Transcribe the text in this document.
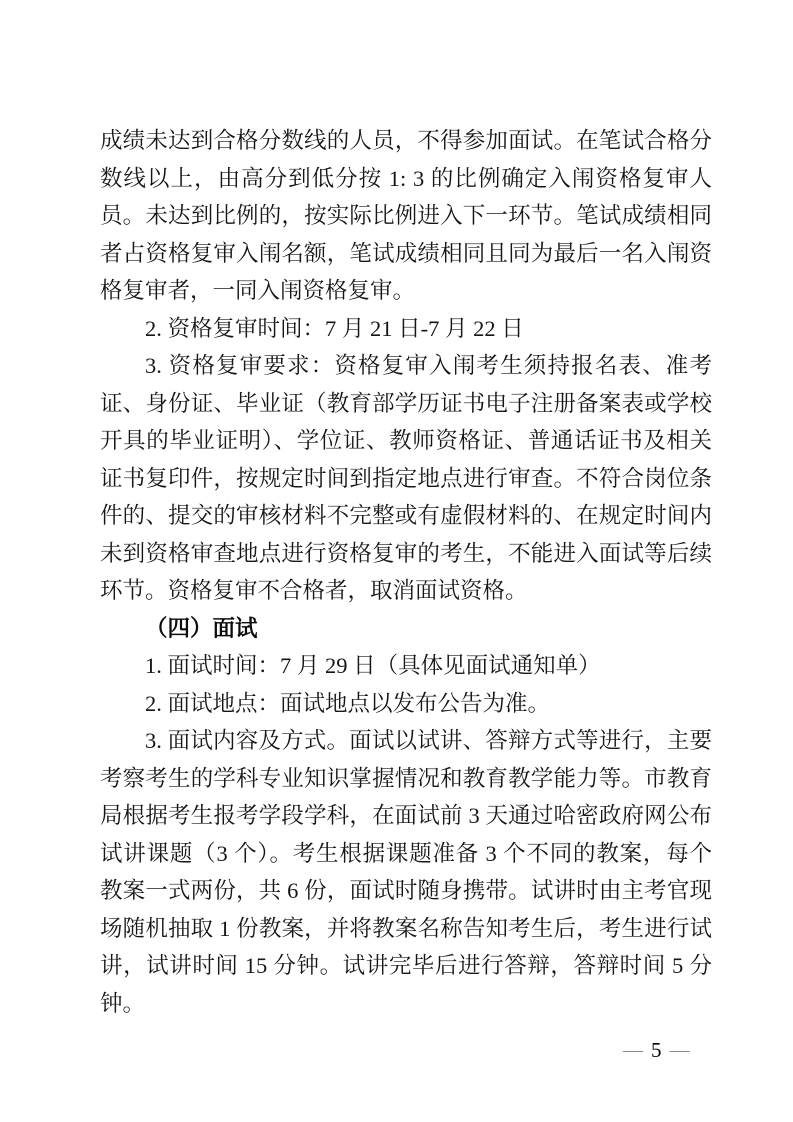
成绩未达到合格分数线的人员，不得参加面试。在笔试合格分数线以上，由高分到低分按 1: 3 的比例确定入闱资格复审人员。未达到比例的，按实际比例进入下一环节。笔试成绩相同者占资格复审入闱名额，笔试成绩相同且同为最后一名入闱资格复审者，一同入闱资格复审。

2. 资格复审时间：7 月 21 日-7 月 22 日

3. 资格复审要求：资格复审入闱考生须持报名表、准考证、身份证、毕业证（教育部学历证书电子注册备案表或学校开具的毕业证明）、学位证、教师资格证、普通话证书及相关证书复印件，按规定时间到指定地点进行审查。不符合岗位条件的、提交的审核材料不完整或有虚假材料的、在规定时间内未到资格审查地点进行资格复审的考生，不能进入面试等后续环节。资格复审不合格者，取消面试资格。

（四）面试

1. 面试时间：7 月 29 日（具体见面试通知单）

2. 面试地点：面试地点以发布公告为准。

3. 面试内容及方式。面试以试讲、答辩方式等进行，主要考察考生的学科专业知识掌握情况和教育教学能力等。市教育局根据考生报考学段学科，在面试前 3 天通过哈密政府网公布试讲课题（3 个）。考生根据课题准备 3 个不同的教案，每个教案一式两份，共 6 份，面试时随身携带。试讲时由主考官现场随机抽取 1 份教案，并将教案名称告知考生后，考生进行试讲，试讲时间 15 分钟。试讲完毕后进行答辩，答辩时间 5 分钟。

— 5 —
